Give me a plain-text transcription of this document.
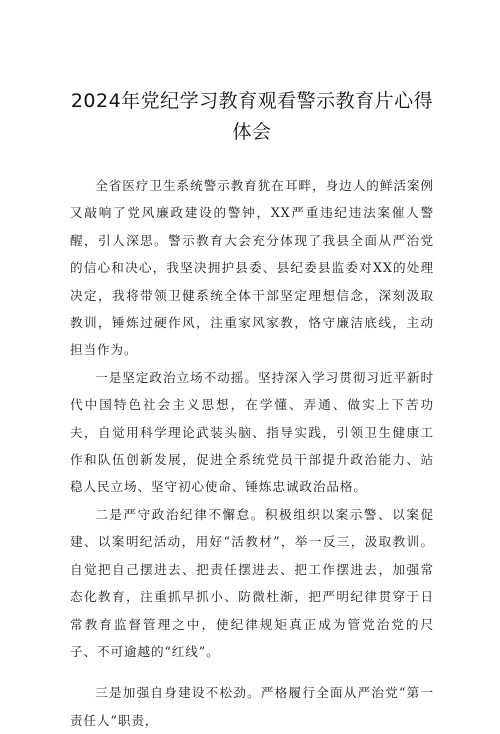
2024年党纪学习教育观看警示教育片心得
体会

全省医疗卫生系统警示教育犹在耳畔，身边人的鲜活案例又敲响了党风廉政建设的警钟，XX严重违纪违法案催人警醒，引人深思。警示教育大会充分体现了我县全面从严治党的信心和决心，我坚决拥护县委、县纪委县监委对XX的处理决定，我将带领卫健系统全体干部坚定理想信念，深刻汲取教训，锤炼过硬作风，注重家风家教，恪守廉洁底线，主动担当作为。

一是坚定政治立场不动摇。坚持深入学习贯彻习近平新时代中国特色社会主义思想，在学懂、弄通、做实上下苦功夫，自觉用科学理论武装头脑、指导实践，引领卫生健康工作和队伍创新发展，促进全系统党员干部提升政治能力、站稳人民立场、坚守初心使命、锤炼忠诚政治品格。

二是严守政治纪律不懈怠。积极组织以案示警、以案促建、以案明纪活动，用好“活教材”，举一反三，汲取教训。自觉把自己摆进去、把责任摆进去、把工作摆进去，加强常态化教育，注重抓早抓小、防微杜渐，把严明纪律贯穿于日常教育监督管理之中，使纪律规矩真正成为管党治党的尺子、不可逾越的“红线”。

三是加强自身建设不松劲。严格履行全面从严治党“第一责任人”职责，
